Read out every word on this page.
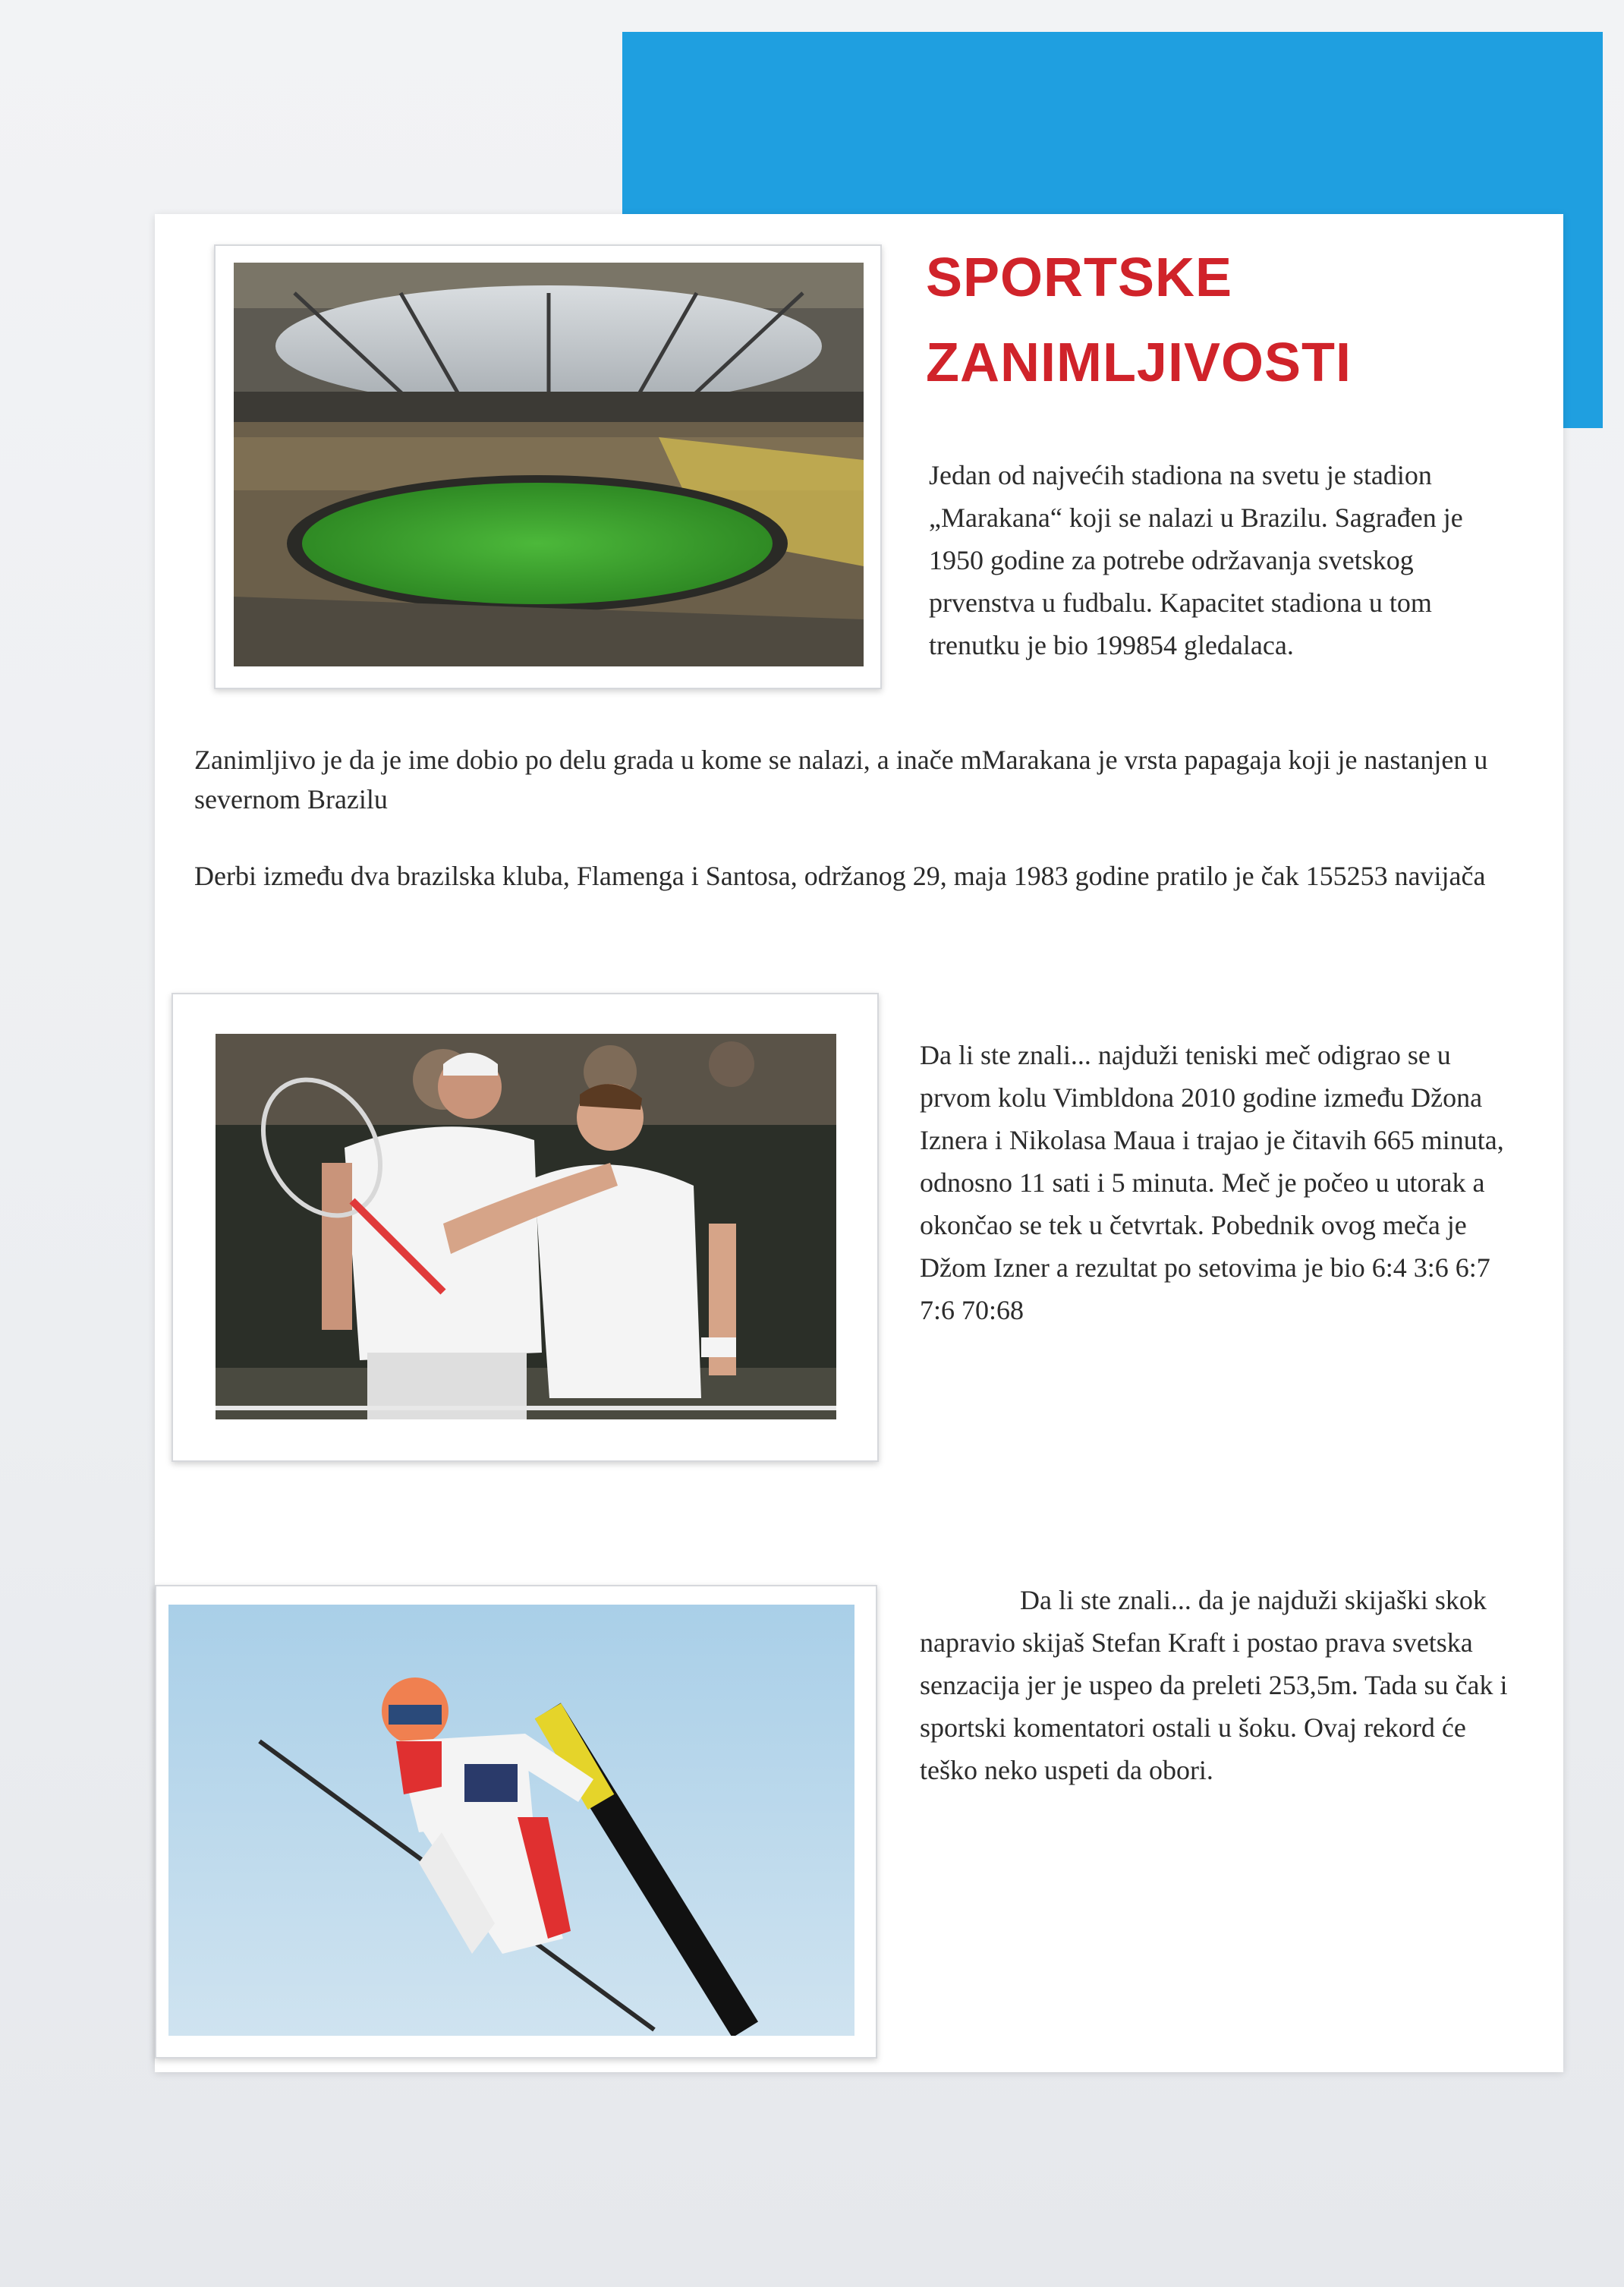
SPORTSKE
ZANIMLJIVOSTI
Jedan od najvećih stadiona na svetu je stadion „Marakana“ koji se nalazi u Brazilu. Sagrađen je 1950 godine za potrebe održavanja svetskog prvenstva u fudbalu. Kapacitet stadiona u tom trenutku je bio 199854 gledalaca.
Zanimljivo je da je ime dobio po delu grada u kome se nalazi, a inače mMarakana je vrsta papagaja koji je nastanjen u severnom Brazilu
Derbi između dva brazilska kluba, Flamenga i Santosa, održanog 29, maja 1983 godine pratilo je čak 155253 navijača
Da li ste znali... najduži teniski meč odigrao se u prvom kolu Vimbldona 2010 godine između Džona Iznera i Nikolasa Maua i trajao je čitavih 665 minuta, odnosno 11 sati i 5 minuta. Meč je počeo u utorak a okončao se tek u četvrtak. Pobednik ovog meča je Džom Izner a rezultat po setovima je bio 6:4 3:6 6:7 7:6 70:68
Da li ste znali... da je najduži skijaški skok napravio skijaš Stefan Kraft i postao prava svetska senzacija jer je uspeo da preleti 253,5m. Tada su čak i sportski komentatori ostali u šoku. Ovaj rekord će teško neko uspeti da obori.
